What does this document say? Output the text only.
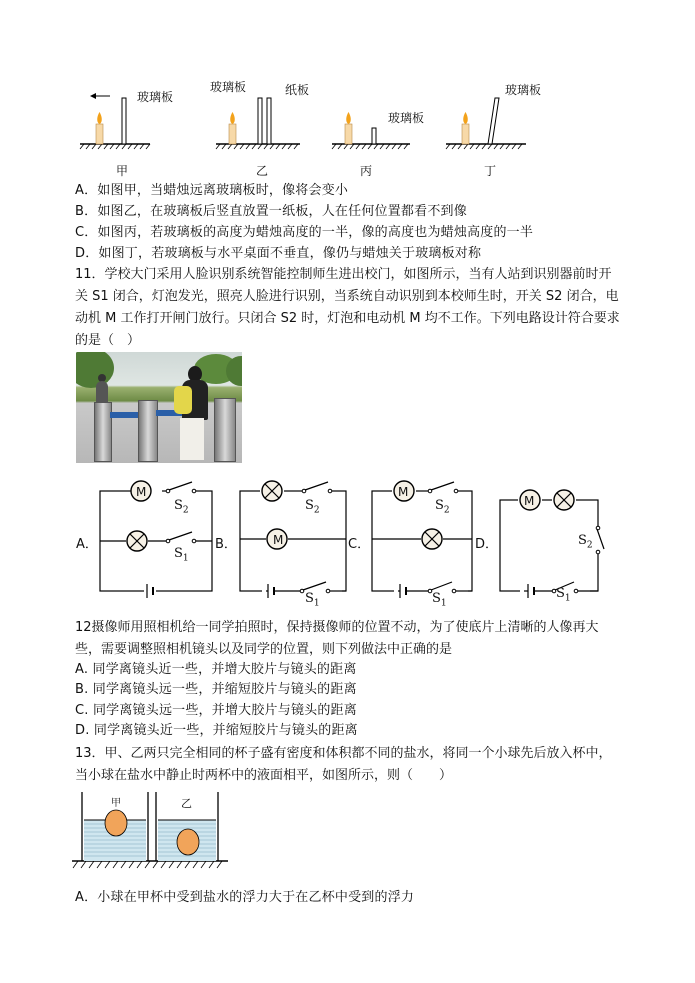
玻璃板
玻璃板	纸板
玻璃板
玻璃板
甲	乙	丙	丁
A．如图甲，当蜡烛远离玻璃板时，像将会变小
B．如图乙，在玻璃板后竖直放置一纸板，人在任何位置都看不到像
C．如图丙，若玻璃板的高度为蜡烛高度的一半，像的高度也为蜡烛高度的一半
D．如图丁，若玻璃板与水平桌面不垂直，像仍与蜡烛关于玻璃板对称
11．学校大门采用人脸识别系统智能控制师生进出校门，如图所示，当有人站到识别器前时开关 S1 闭合，灯泡发光，照亮人脸进行识别，当系统自动识别到本校师生时，开关 S2 闭合，电动机 M 工作打开闸门放行。只闭合 S2 时，灯泡和电动机 M 均不工作。下列电路设计符合要求的是（　）
A．	B．	C．	D．
M
M
M
M
$S_2$
$S_1$
$S_2$
$S_1$
$S_2$
$S_1$
$S_2$
$S_1$
12摄像师用照相机给一同学拍照时，保持摄像师的位置不动，为了使底片上清晰的人像再大些，需要调整照相机镜头以及同学的位置，则下列做法中正确的是
A. 同学离镜头近一些，并增大胶片与镜头的距离
B. 同学离镜头远一些，并缩短胶片与镜头的距离
C. 同学离镜头远一些，并增大胶片与镜头的距离
D. 同学离镜头近一些，并缩短胶片与镜头的距离
13．甲、乙两只完全相同的杯子盛有密度和体积都不同的盐水，将同一个小球先后放入杯中，当小球在盐水中静止时两杯中的液面相平，如图所示，则（　　）
甲	乙
A．小球在甲杯中受到盐水的浮力大于在乙杯中受到的浮力
